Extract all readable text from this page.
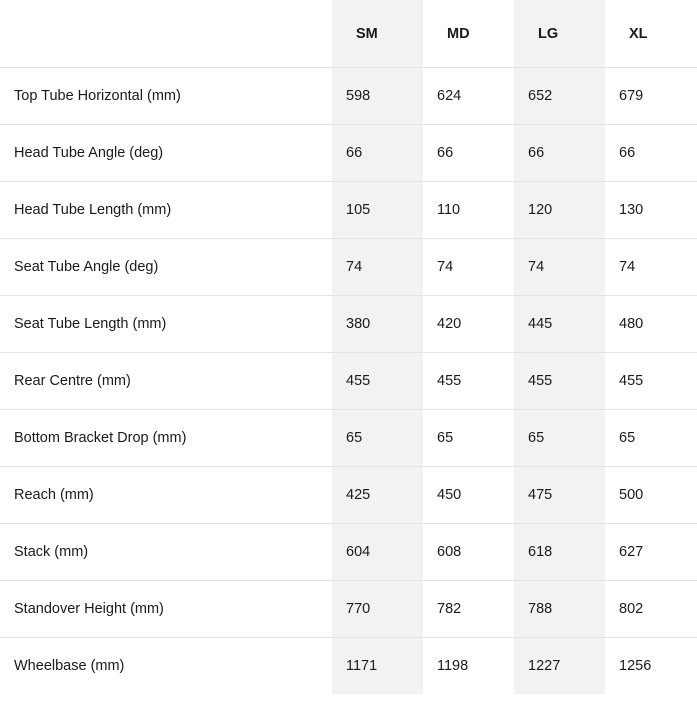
	SM	MD	LG	XL
Top Tube Horizontal (mm)	598	624	652	679
Head Tube Angle (deg)	66	66	66	66
Head Tube Length (mm)	105	110	120	130
Seat Tube Angle (deg)	74	74	74	74
Seat Tube Length (mm)	380	420	445	480
Rear Centre (mm)	455	455	455	455
Bottom Bracket Drop (mm)	65	65	65	65
Reach (mm)	425	450	475	500
Stack (mm)	604	608	618	627
Standover Height (mm)	770	782	788	802
Wheelbase (mm)	1171	1198	1227	1256
